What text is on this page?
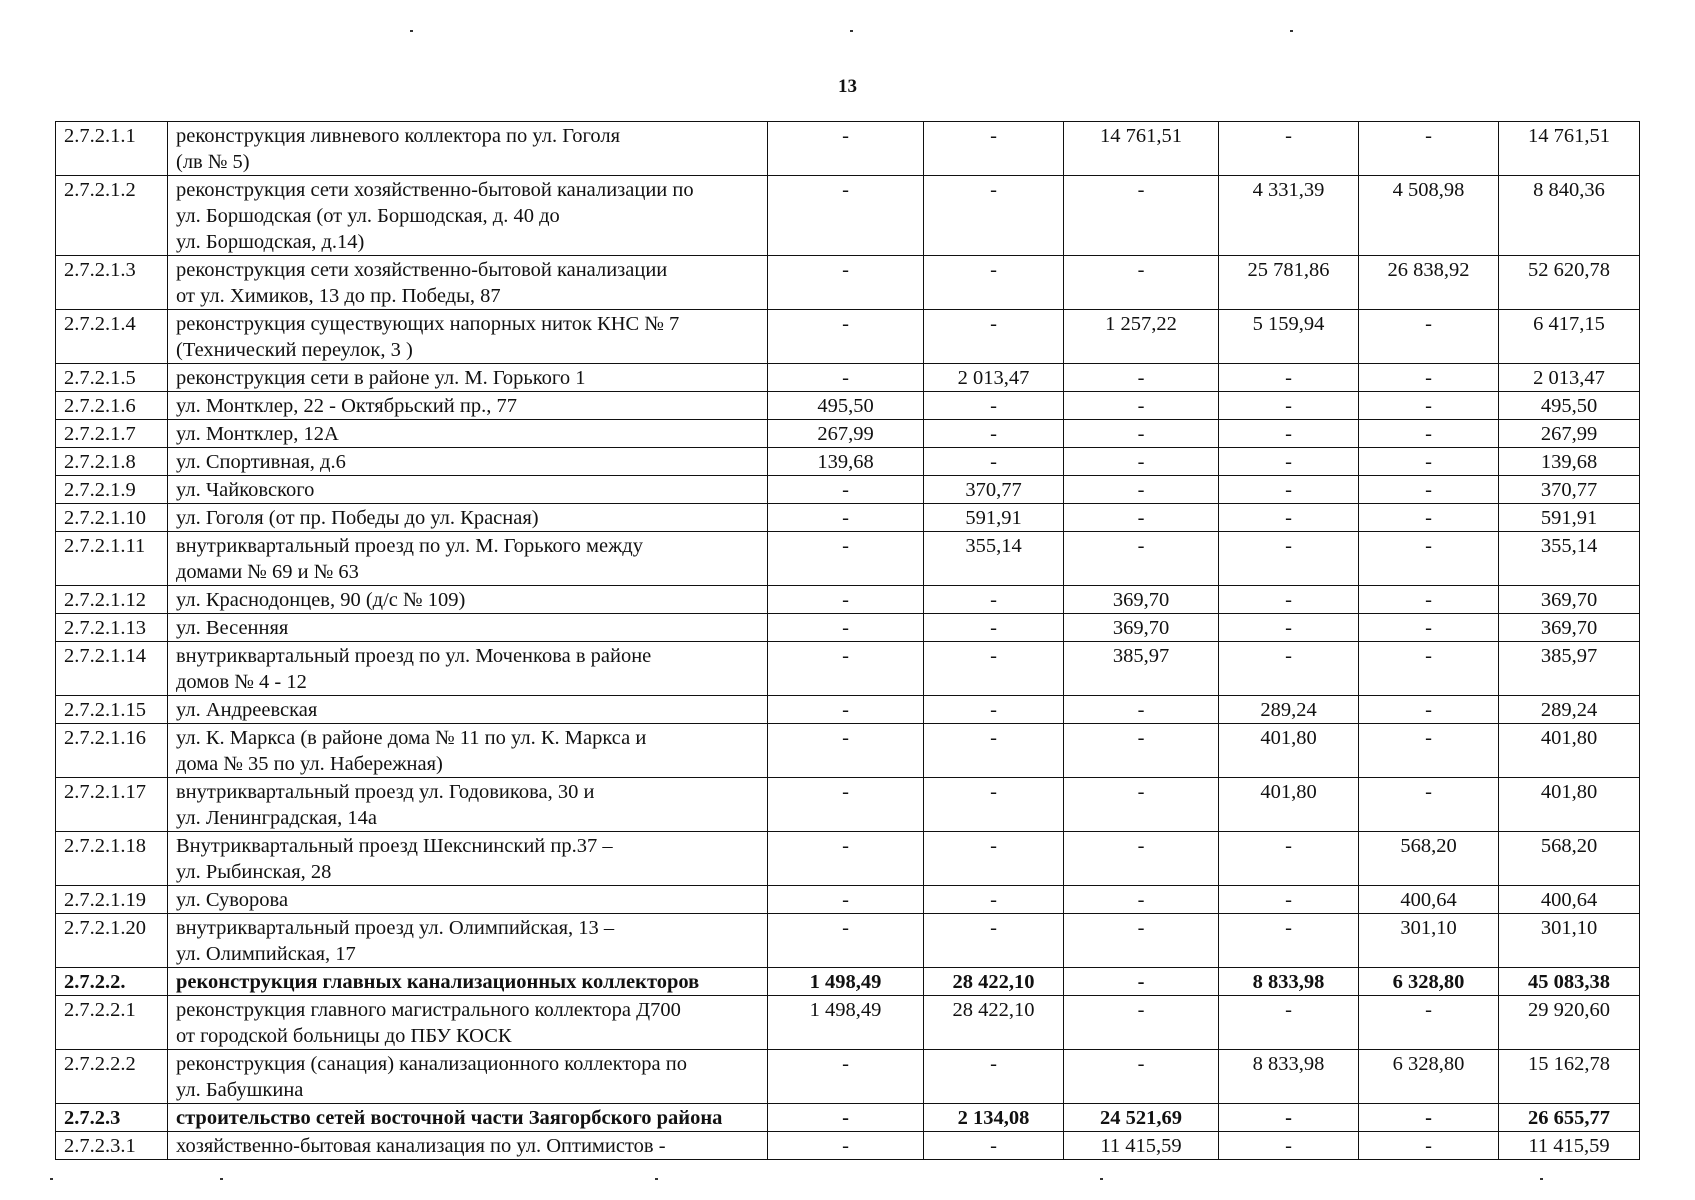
13
2.7.2.1.1	реконструкция ливневого коллектора по ул. Гоголя
(лв № 5)	-	-	14 761,51	-	-	14 761,51
2.7.2.1.2	реконструкция сети хозяйственно-бытовой канализации по
ул. Боршодская (от ул. Боршодская, д. 40 до
ул. Боршодская, д.14)	-	-	-	4 331,39	4 508,98	8 840,36
2.7.2.1.3	реконструкция сети хозяйственно-бытовой канализации
от ул. Химиков, 13 до пр. Победы, 87	-	-	-	25 781,86	26 838,92	52 620,78
2.7.2.1.4	реконструкция существующих напорных ниток КНС № 7
(Технический переулок, 3 )	-	-	1 257,22	5 159,94	-	6 417,15
2.7.2.1.5	реконструкция сети в районе ул. М. Горького 1	-	2 013,47	-	-	-	2 013,47
2.7.2.1.6	ул. Монтклер, 22 - Октябрьский пр., 77	495,50	-	-	-	-	495,50
2.7.2.1.7	ул. Монтклер, 12А	267,99	-	-	-	-	267,99
2.7.2.1.8	ул. Спортивная, д.6	139,68	-	-	-	-	139,68
2.7.2.1.9	ул. Чайковского	-	370,77	-	-	-	370,77
2.7.2.1.10	ул. Гоголя (от пр. Победы до ул. Красная)	-	591,91	-	-	-	591,91
2.7.2.1.11	внутриквартальный проезд по ул. М. Горького между
домами № 69 и № 63	-	355,14	-	-	-	355,14
2.7.2.1.12	ул. Краснодонцев, 90 (д/с № 109)	-	-	369,70	-	-	369,70
2.7.2.1.13	ул. Весенняя	-	-	369,70	-	-	369,70
2.7.2.1.14	внутриквартальный проезд по ул. Моченкова в районе
домов № 4 - 12	-	-	385,97	-	-	385,97
2.7.2.1.15	ул. Андреевская	-	-	-	289,24	-	289,24
2.7.2.1.16	ул. К. Маркса (в районе дома № 11 по ул. К. Маркса и
дома № 35 по ул. Набережная)	-	-	-	401,80	-	401,80
2.7.2.1.17	внутриквартальный проезд ул. Годовикова, 30 и
ул. Ленинградская, 14а	-	-	-	401,80	-	401,80
2.7.2.1.18	Внутриквартальный проезд Шекснинский пр.37 –
ул. Рыбинская, 28	-	-	-	-	568,20	568,20
2.7.2.1.19	ул. Суворова	-	-	-	-	400,64	400,64
2.7.2.1.20	внутриквартальный проезд ул. Олимпийская, 13 –
ул. Олимпийская, 17	-	-	-	-	301,10	301,10
2.7.2.2.	реконструкция главных канализационных коллекторов	1 498,49	28 422,10	-	8 833,98	6 328,80	45 083,38
2.7.2.2.1	реконструкция главного магистрального коллектора Д700
от городской больницы до ПБУ КОСК	1 498,49	28 422,10	-	-	-	29 920,60
2.7.2.2.2	реконструкция (санация) канализационного коллектора по
ул. Бабушкина	-	-	-	8 833,98	6 328,80	15 162,78
2.7.2.3	строительство сетей восточной части Заягорбского района	-	2 134,08	24 521,69	-	-	26 655,77
2.7.2.3.1	хозяйственно-бытовая канализация по ул. Оптимистов -	-	-	11 415,59	-	-	11 415,59
